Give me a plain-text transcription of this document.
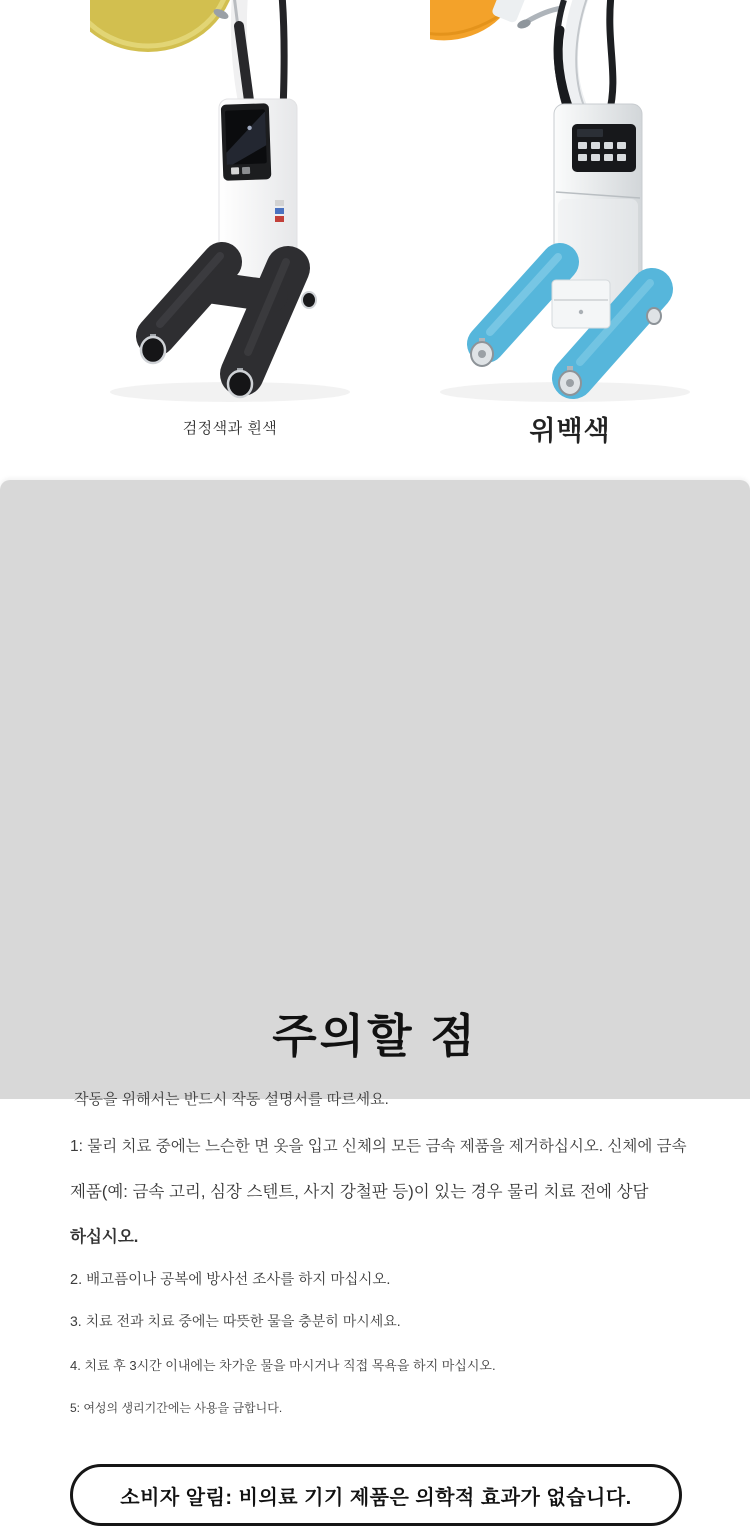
검정색과 흰색	위백색
주의할 점

작동을 위해서는 반드시 작동 설명서를 따르세요.

1: 물리 치료 중에는 느슨한 면 옷을 입고 신체의 모든 금속 제품을 제거하십시오. 신체에 금속

제품(예: 금속 고리, 심장 스텐트, 사지 강철판 등)이 있는 경우 물리 치료 전에 상담

하십시오.

2. 배고픔이나 공복에 방사선 조사를 하지 마십시오.

3. 치료 전과 치료 중에는 따뜻한 물을 충분히 마시세요.

4. 치료 후 3시간 이내에는 차가운 물을 마시거나 직접 목욕을 하지 마십시오.

5: 여성의 생리기간에는 사용을 금합니다.

소비자 알림: 비의료 기기 제품은 의학적 효과가 없습니다.
